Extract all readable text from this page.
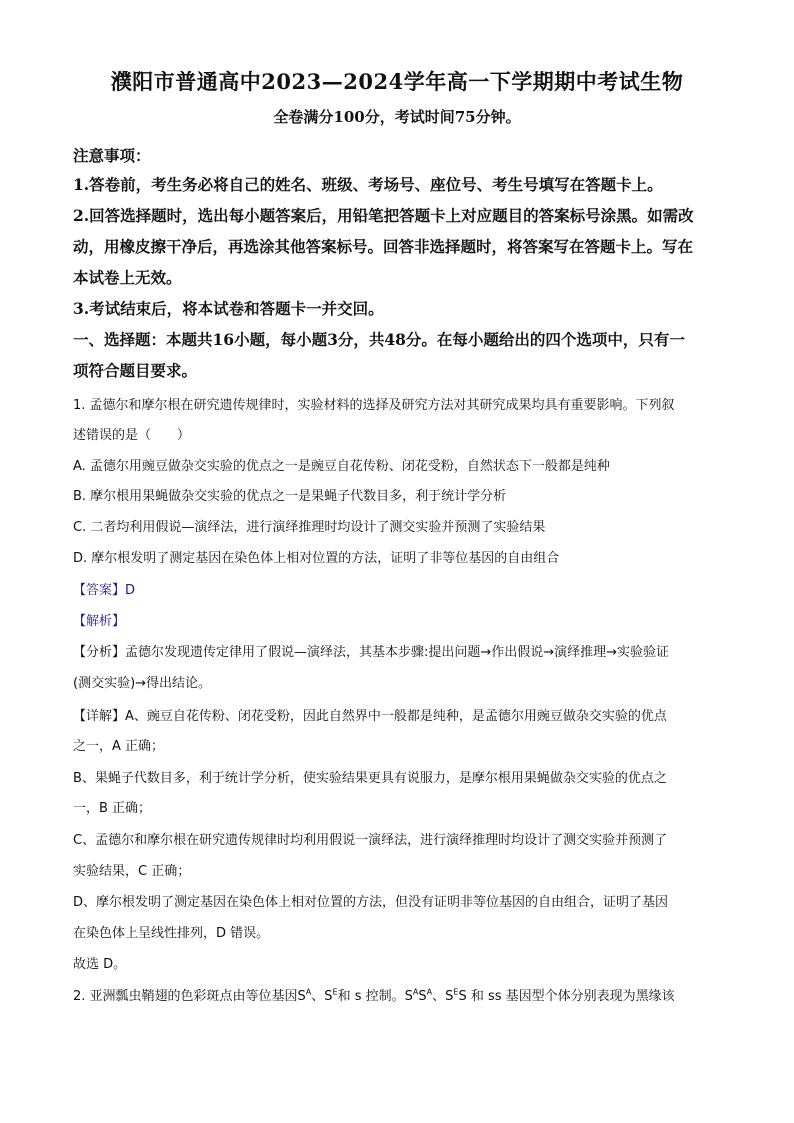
濮阳市普通高中2023—2024学年高一下学期期中考试生物
全卷满分100分，考试时间75分钟。
注意事项：
1.答卷前，考生务必将自己的姓名、班级、考场号、座位号、考生号填写在答题卡上。
2.回答选择题时，选出每小题答案后，用铅笔把答题卡上对应题目的答案标号涂黑。如需改
动，用橡皮擦干净后，再选涂其他答案标号。回答非选择题时，将答案写在答题卡上。写在
本试卷上无效。
3.考试结束后，将本试卷和答题卡一并交回。
一、选择题：本题共16小题，每小题3分，共48分。在每小题给出的四个选项中，只有一
项符合题目要求。
1. 孟德尔和摩尔根在研究遗传规律时，实验材料的选择及研究方法对其研究成果均具有重要影响。下列叙
述错误的是（　　）
A. 孟德尔用豌豆做杂交实验的优点之一是豌豆自花传粉、闭花受粉，自然状态下一般都是纯种
B. 摩尔根用果蝇做杂交实验的优点之一是果蝇子代数目多，利于统计学分析
C. 二者均利用假说—演绎法，进行演绎推理时均设计了测交实验并预测了实验结果
D. 摩尔根发明了测定基因在染色体上相对位置的方法，证明了非等位基因的自由组合
【答案】D
【解析】
【分析】孟德尔发现遗传定律用了假说—演绎法，其基本步骤:提出问题→作出假说→演绎推理→实验验证
(测交实验)→得出结论。
【详解】A、豌豆自花传粉、闭花受粉，因此自然界中一般都是纯种，是孟德尔用豌豆做杂交实验的优点
之一，A 正确；
B、果蝇子代数目多，利于统计学分析，使实验结果更具有说服力，是摩尔根用果蝇做杂交实验的优点之
一，B 正确；
C、孟德尔和摩尔根在研究遗传规律时均利用假说一演绎法，进行演绎推理时均设计了测交实验并预测了
实验结果，C 正确；
D、摩尔根发明了测定基因在染色体上相对位置的方法，但没有证明非等位基因的自由组合，证明了基因
在染色体上呈线性排列，D 错误。
故选 D。
2. 亚洲瓢虫鞘翅的色彩斑点由等位基因$S^A$、$S^E$和 s 控制。$S^AS^A$、$S^ES$ 和 ss 基因型个体分别表现为黑缘该
